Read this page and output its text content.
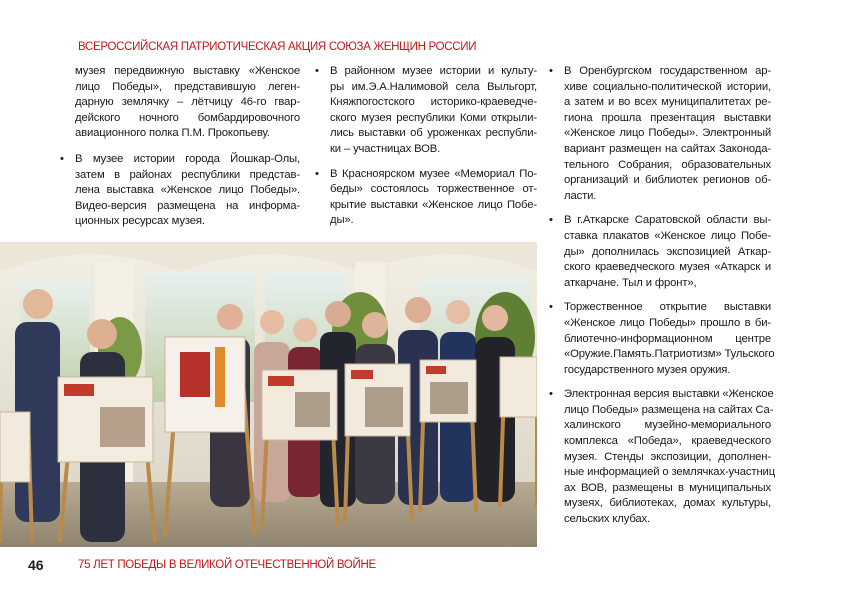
ВСЕРОССИЙСКАЯ ПАТРИОТИЧЕСКАЯ АКЦИЯ СОЮЗА ЖЕНЩИН РОССИИ
музея передвижную выставку «Женское
лицо Победы», представившую леген-
дарную землячку – лётчицу 46-го гвар-
дейского ночного бомбардировочного
авиационного полка П.М. Прокопьеву.
• В музее истории города Йошкар-Олы,
затем в районах республики представ-
лена выставка «Женское лицо Победы».
Видео-версия размещена на информа-
ционных ресурсах музея.
• В районном музее истории и культу-
ры им.Э.А.Налимовой села Выльгорт,
Княжпогостского историко-краеведче-
ского музея республики Коми открыли-
лись выставки об уроженках республи-
ки – участницах ВОВ.
• В Красноярском музее «Мемориал По-
беды» состоялось торжественное от-
крытие выставки «Женское лицо Побе-
ды».
• В Оренбургском государственном ар-
хиве социально-политической истории,
а затем и во всех муниципалитетах ре-
гиона прошла презентация выставки
«Женское лицо Победы». Электронный
вариант размещен на сайтах Законода-
тельного Собрания, образовательных
организаций и библиотек регионов об-
ласти.
• В г.Аткарске Саратовской области вы-
ставка плакатов «Женское лицо Побе-
ды» дополнилась экспозицией Аткар-
ского краеведческого музея «Аткарск и
аткарчане. Тыл и фронт»,
• Торжественное открытие выставки
«Женское лицо Победы» прошло в би-
блиотечно-информационном центре
«Оружие.Память.Патриотизм» Тульского
государственного музея оружия.
• Электронная версия выставки «Женское
лицо Победы» размещена на сайтах Са-
халинского музейно-мемориального
комплекса «Победа», краеведческого
музея. Стенды экспозиции, дополнен-
ные информацией о землячках-участниц
ах ВОВ, размещены в муниципальных
музеях, библиотеках, домах культуры,
сельских клубах.
46	75 ЛЕТ ПОБЕДЫ В ВЕЛИКОЙ ОТЕЧЕСТВЕННОЙ ВОЙНЕ
